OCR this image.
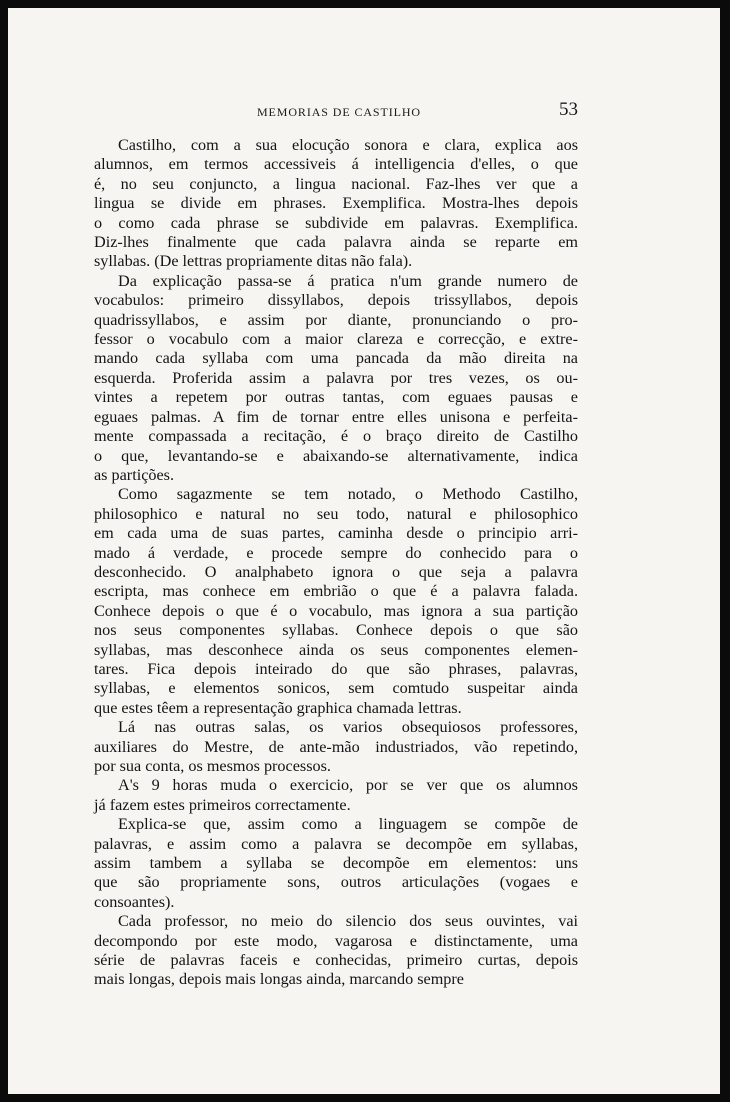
MEMORIAS DE CASTILHO	53

Castilho, com a sua elocução sonora e clara, explica aos
alumnos, em termos accessiveis á intelligencia d'elles, o que
é, no seu conjuncto, a lingua nacional. Faz-lhes ver que a
lingua se divide em phrases. Exemplifica. Mostra-lhes depois
o como cada phrase se subdivide em palavras. Exemplifica.
Diz-lhes finalmente que cada palavra ainda se reparte em
syllabas. (De lettras propriamente ditas não fala).

Da explicação passa-se á pratica n'um grande numero de
vocabulos: primeiro dissyllabos, depois trissyllabos, depois
quadrissyllabos, e assim por diante, pronunciando o pro-
fessor o vocabulo com a maior clareza e correcção, e extre-
mando cada syllaba com uma pancada da mão direita na
esquerda. Proferida assim a palavra por tres vezes, os ou-
vintes a repetem por outras tantas, com eguaes pausas e
eguaes palmas. A fim de tornar entre elles unisona e perfeita-
mente compassada a recitação, é o braço direito de Castilho
o que, levantando-se e abaixando-se alternativamente, indica
as partições.

Como sagazmente se tem notado, o Methodo Castilho,
philosophico e natural no seu todo, natural e philosophico
em cada uma de suas partes, caminha desde o principio arri-
mado á verdade, e procede sempre do conhecido para o
desconhecido. O analphabeto ignora o que seja a palavra
escripta, mas conhece em embrião o que é a palavra falada.
Conhece depois o que é o vocabulo, mas ignora a sua partição
nos seus componentes syllabas. Conhece depois o que são
syllabas, mas desconhece ainda os seus componentes elemen-
tares. Fica depois inteirado do que são phrases, palavras,
syllabas, e elementos sonicos, sem comtudo suspeitar ainda
que estes têem a representação graphica chamada lettras.

Lá nas outras salas, os varios obsequiosos professores,
auxiliares do Mestre, de ante-mão industriados, vão repetindo,
por sua conta, os mesmos processos.

A's 9 horas muda o exercicio, por se ver que os alumnos
já fazem estes primeiros correctamente.

Explica-se que, assim como a linguagem se compõe de
palavras, e assim como a palavra se decompõe em syllabas,
assim tambem a syllaba se decompõe em elementos: uns
que são propriamente sons, outros articulações (vogaes e
consoantes).

Cada professor, no meio do silencio dos seus ouvintes, vai
decompondo por este modo, vagarosa e distinctamente, uma
série de palavras faceis e conhecidas, primeiro curtas, depois
mais longas, depois mais longas ainda, marcando sempre
